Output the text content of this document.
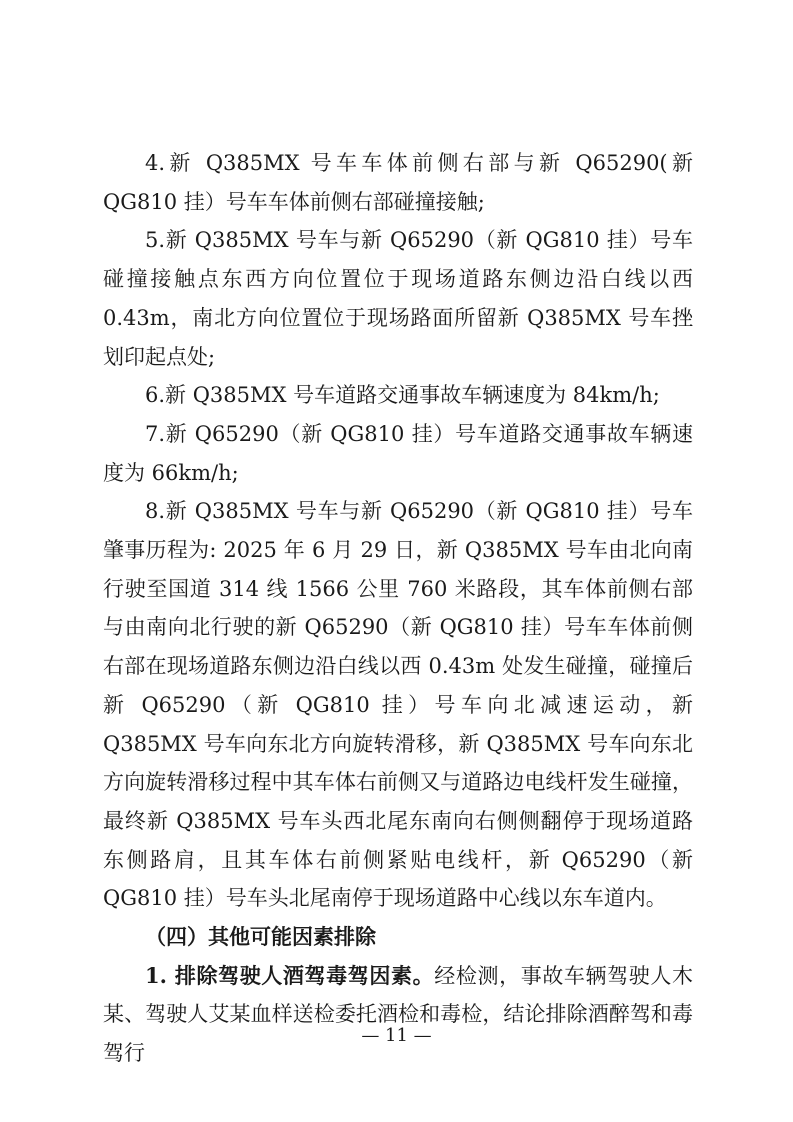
4.新 Q385MX 号车车体前侧右部与新 Q65290(新 QG810 挂）号车车体前侧右部碰撞接触;

5.新 Q385MX 号车与新 Q65290（新 QG810 挂）号车碰撞接触点东西方向位置位于现场道路东侧边沿白线以西 0.43m，南北方向位置位于现场路面所留新 Q385MX 号车挫划印起点处;

6.新 Q385MX 号车道路交通事故车辆速度为 84km/h;

7.新 Q65290（新 QG810 挂）号车道路交通事故车辆速度为 66km/h;

8.新 Q385MX 号车与新 Q65290（新 QG810 挂）号车肇事历程为: 2025 年 6 月 29 日，新 Q385MX 号车由北向南行驶至国道 314 线 1566 公里 760 米路段，其车体前侧右部与由南向北行驶的新 Q65290（新 QG810 挂）号车车体前侧右部在现场道路东侧边沿白线以西 0.43m 处发生碰撞，碰撞后新 Q65290（新 QG810 挂）号车向北减速运动，新 Q385MX 号车向东北方向旋转滑移，新 Q385MX 号车向东北方向旋转滑移过程中其车体右前侧又与道路边电线杆发生碰撞，最终新 Q385MX 号车头西北尾东南向右侧侧翻停于现场道路东侧路肩，且其车体右前侧紧贴电线杆，新 Q65290（新 QG810 挂）号车头北尾南停于现场道路中心线以东车道内。

（四）其他可能因素排除

1. 排除驾驶人酒驾毒驾因素。经检测，事故车辆驾驶人木某、驾驶人艾某血样送检委托酒检和毒检，结论排除酒醉驾和毒驾行

— 11 —
